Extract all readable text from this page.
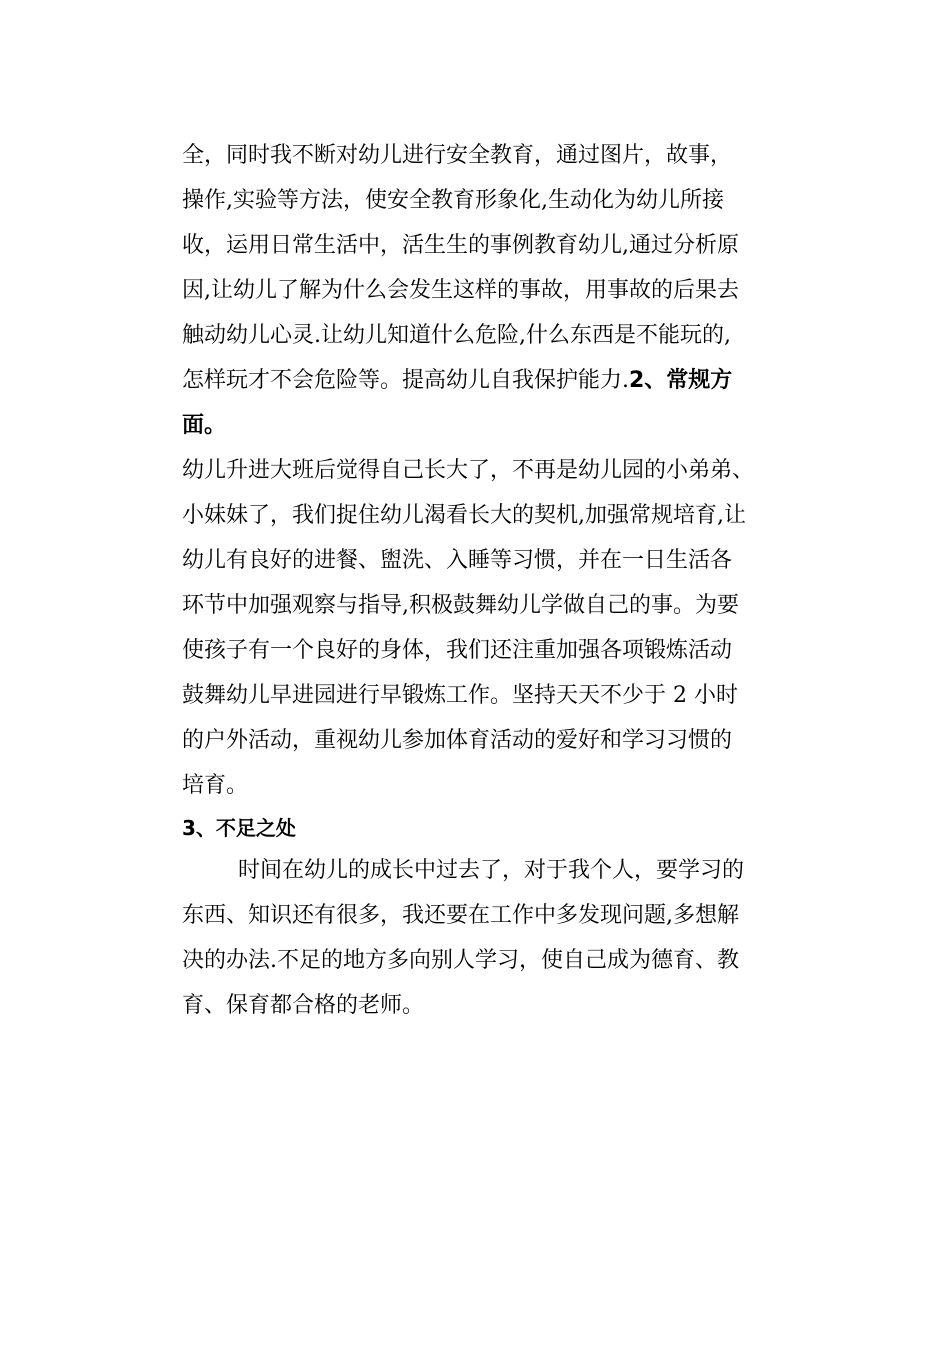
全，同时我不断对幼儿进行安全教育，通过图片，故事，
操作,实验等方法，使安全教育形象化,生动化为幼儿所接
收，运用日常生活中，活生生的事例教育幼儿,通过分析原
因,让幼儿了解为什么会发生这样的事故，用事故的后果去
触动幼儿心灵.让幼儿知道什么危险,什么东西是不能玩的,
怎样玩才不会危险等。提高幼儿自我保护能力.2、常规方
面。
幼儿升进大班后觉得自己长大了，不再是幼儿园的小弟弟、
小妹妹了，我们捉住幼儿渴看长大的契机,加强常规培育,让
幼儿有良好的进餐、盥洗、入睡等习惯，并在一日生活各
环节中加强观察与指导,积极鼓舞幼儿学做自己的事。为要
使孩子有一个良好的身体，我们还注重加强各项锻炼活动
鼓舞幼儿早进园进行早锻炼工作。坚持天天不少于 2 小时
的户外活动，重视幼儿参加体育活动的爱好和学习习惯的
培育。
3、不足之处
时间在幼儿的成长中过去了，对于我个人，要学习的
东西、知识还有很多，我还要在工作中多发现问题,多想解
决的办法.不足的地方多向别人学习，使自己成为德育、教
育、保育都合格的老师。
